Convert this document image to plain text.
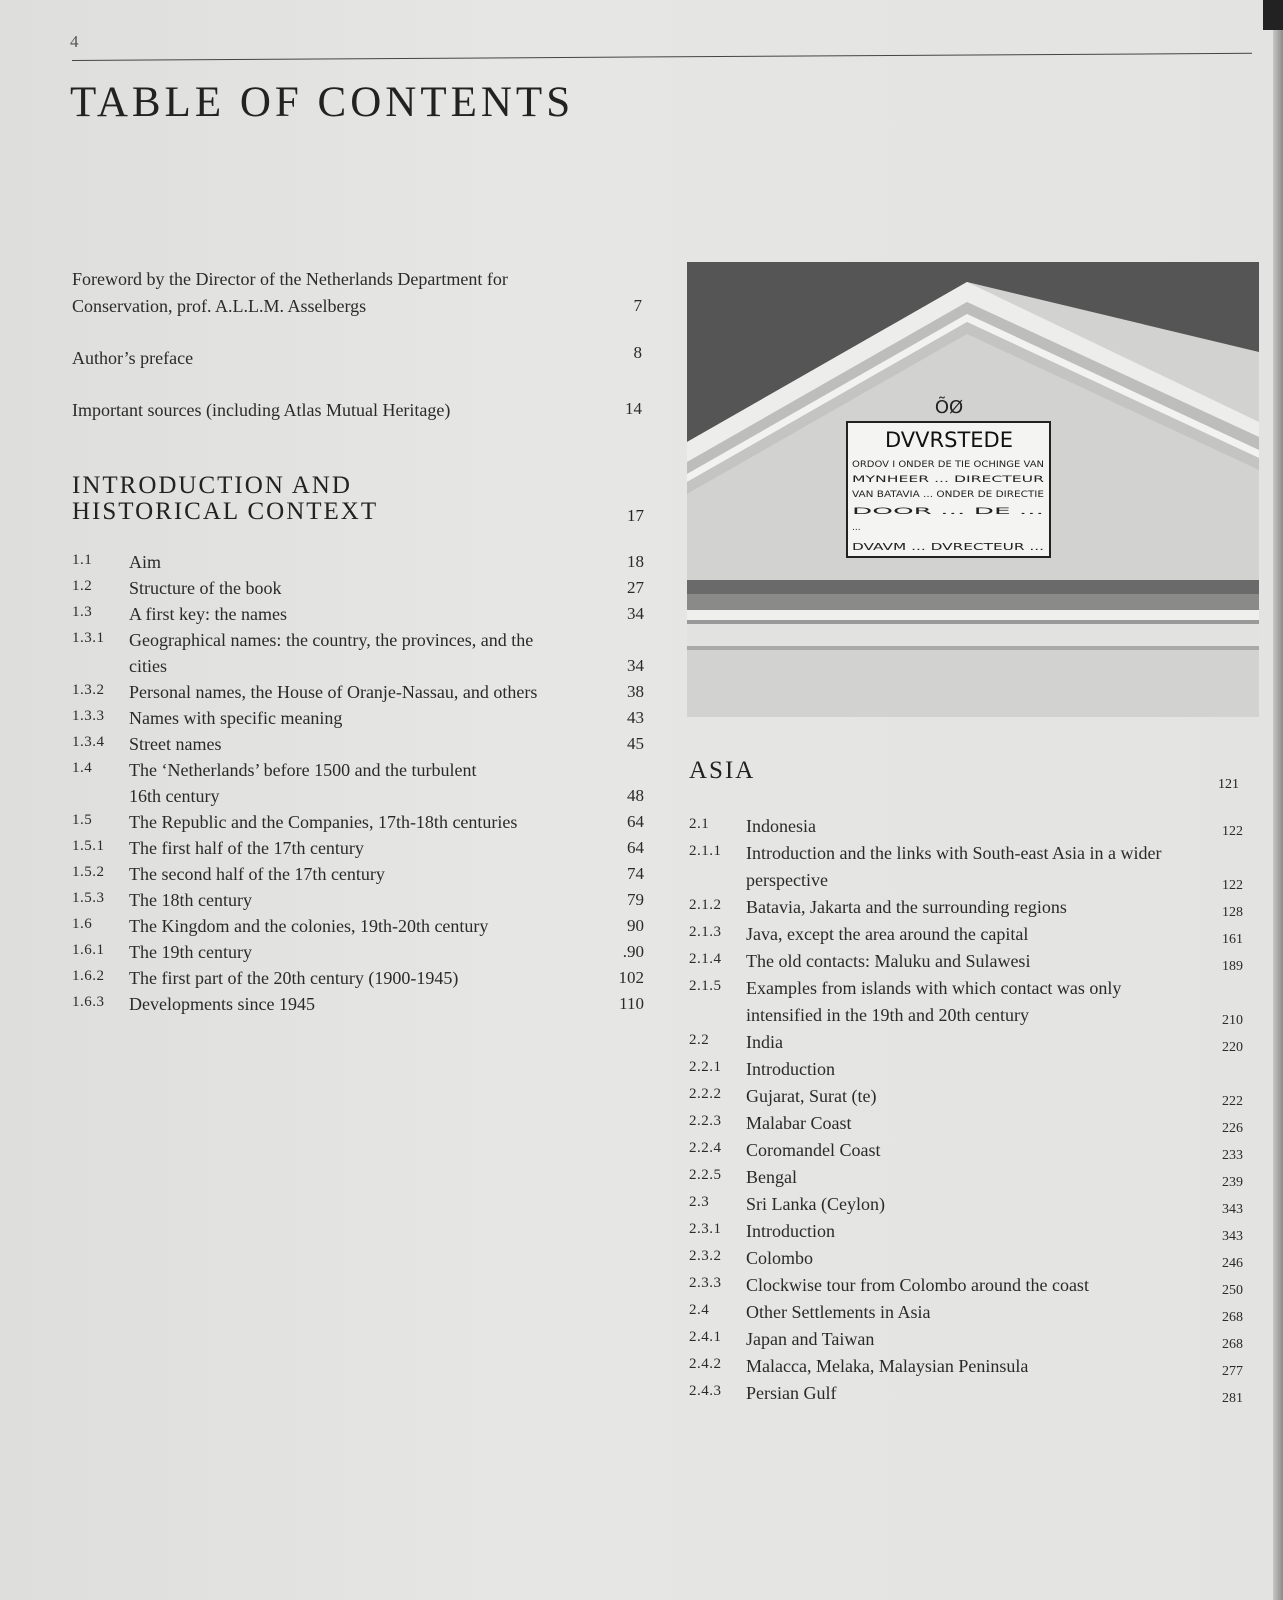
4
TABLE OF CONTENTS
Foreword by the Director of the Netherlands Department for Conservation, prof. A.L.L.M. Asselbergs	7
Author’s preface	8
Important sources (including Atlas Mutual Heritage)	14
INTRODUCTION AND
HISTORICAL CONTEXT	17
1.1 Aim	18
1.2 Structure of the book	27
1.3 A first key: the names	34
1.3.1 Geographical names: the country, the provinces, and the
cities	34
1.3.2 Personal names, the House of Oranje-Nassau, and others	38
1.3.3 Names with specific meaning	43
1.3.4 Street names	45
1.4 The ‘Netherlands’ before 1500 and the turbulent
16th century	48
1.5 The Republic and the Companies, 17th-18th centuries	64
1.5.1 The first half of the 17th century	64
1.5.2 The second half of the 17th century	74
1.5.3 The 18th century	79
1.6 The Kingdom and the colonies, 19th-20th century	90
1.6.1 The 19th century	.90
1.6.2 The first part of the 20th century (1900-1945)	102
1.6.3 Developments since 1945	110
ÕØ
DVVRSTEDE
ORDOV I ONDER DE TIE OCHINGE VAN
MYNHEER ... DIRECTEUR
VAN BATAVIA ... ONDER DE DIRECTIE
DOOR ... DE ...
...
DVAVM ... DVRECTEUR ...
ASIA
121
2.1 Indonesia	122
2.1.1 Introduction and the links with South-east Asia in a wider
perspective	122
2.1.2 Batavia, Jakarta and the surrounding regions	128
2.1.3 Java, except the area around the capital	161
2.1.4 The old contacts: Maluku and Sulawesi	189
2.1.5 Examples from islands with which contact was only
intensified in the 19th and 20th century	210
2.2 India	220
2.2.1 Introduction
2.2.2 Gujarat, Surat (te)	222
2.2.3 Malabar Coast	226
2.2.4 Coromandel Coast	233
2.2.5 Bengal	239
2.3 Sri Lanka (Ceylon)	343
2.3.1 Introduction	343
2.3.2 Colombo	246
2.3.3 Clockwise tour from Colombo around the coast	250
2.4 Other Settlements in Asia	268
2.4.1 Japan and Taiwan	268
2.4.2 Malacca, Melaka, Malaysian Peninsula	277
2.4.3 Persian Gulf	281
